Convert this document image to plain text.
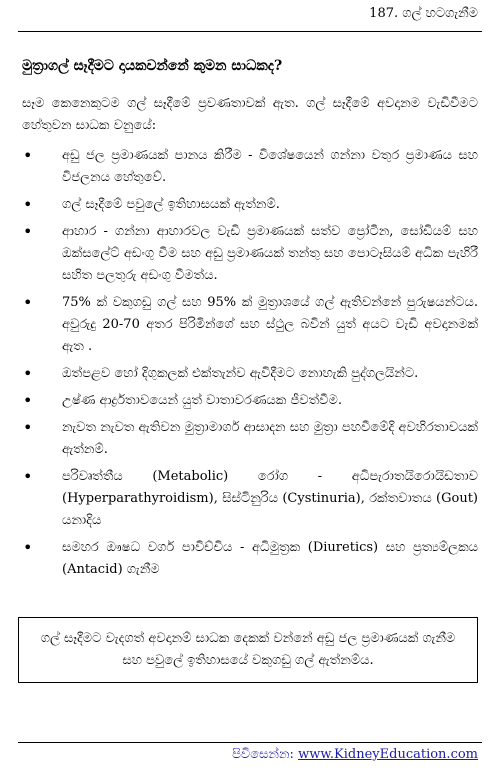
187. ගල් හටගැනීම
මුත්‍රාගල් සෑදීමට දායකවන්නේ කුමන සාධකද?
සෑම කෙනෙකුටම ගල් සෑදීමේ ප්‍රවණතාවක් ඇත. ගල් සෑදීමේ අවදානම වැඩිවීමට හේතුවන සාධක වනුයේ:
• අඩු ජල ප්‍රමාණයක් පානය කිරීම - විශේෂයෙන් ගන්නා වතුර ප්‍රමාණය සහ විජලනය හේතුවේ.
• ගල් සෑදීමේ පවුලේ ඉතිහාසයක් ඇත්නම්.
• ආහාර - ගන්නා ආහාරවල වැඩි ප්‍රමාණයක් සත්ව ප්‍රෝටීන, සෝඩියම් සහ ඔක්සලේට් අඩංගු වීම සහ අඩු ප්‍රමාණයක් තන්තු සහ පොටෑසියම් අධික පැහිරී සහිත පලතුරු අඩංගු වීමත්ය.
• 75% ක් වකුගඩු ගල් සහ 95% ක් මුත්‍රාශයේ ගල් ඇතිවන්නේ පුරුෂයන්ටය. අවුරුදු 20-70 අතර පිරිමින්ගේ සහ ස්ථුල බවින් යුත් අයට වැඩි අවදානමක් ඇත .
• ඔත්පළව හෝ දිගුකලක් එක්තැන්ව ඇවිදීමට නොහැකි පුද්ගලයින්ට.
• උෂ්ණ ආර්ද්‍රතාවයෙන් යුත් වාතාවරණයක ජීවත්වීම.
• නැවත නැවත ඇතිවන මුත්‍රාමාර්ග ආසාදන සහ මුත්‍රා පහවීමේදි අවහිරතාවයක් ඇත්නම්.
• පරිවෘත්තීය (Metabolic) රෝග - අධිපැරාතයිරොයිඩතාව (Hyperparathyroidism), සිස්ටිනුරිය (Cystinuria), රක්තවාතය (Gout) යනාදිය
• සමහර ඖෂධ වර්ග පාවිච්චිය - අධිමුත්‍රක (Diuretics) සහ ප්‍රත්‍යම්ලකය (Antacid) ගැනීම
ගල් සෑදීමට වැදගත් අවදානම් සාධක දෙකක් වන්නේ අඩු ජල ප්‍රමාණයක් ගැනීම සහ පවුලේ ඉතිහාසයේ වකුගඩු ගල් ඇත්නම්ය.
පිවිසෙන්න: www.KidneyEducation.com
